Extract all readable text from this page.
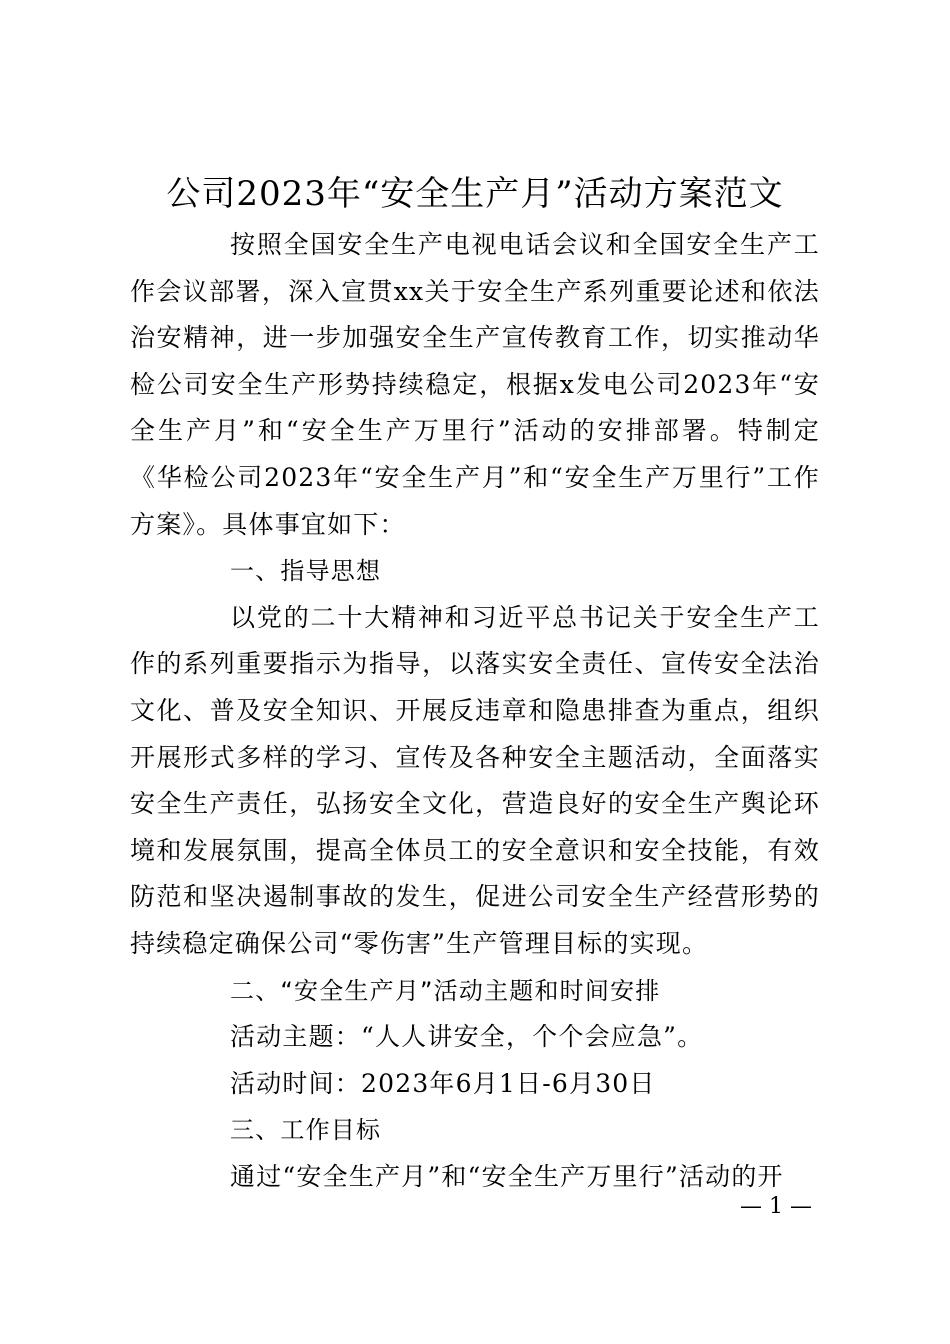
公司2023年“安全生产月”活动方案范文

按照全国安全生产电视电话会议和全国安全生产工作会议部署，深入宣贯xx关于安全生产系列重要论述和依法治安精神，进一步加强安全生产宣传教育工作，切实推动华检公司安全生产形势持续稳定，根据x发电公司2023年“安全生产月”和“安全生产万里行”活动的安排部署。特制定《华检公司2023年“安全生产月”和“安全生产万里行”工作方案》。具体事宜如下：

一、指导思想

以党的二十大精神和习近平总书记关于安全生产工作的系列重要指示为指导，以落实安全责任、宣传安全法治文化、普及安全知识、开展反违章和隐患排查为重点，组织开展形式多样的学习、宣传及各种安全主题活动，全面落实安全生产责任，弘扬安全文化，营造良好的安全生产舆论环境和发展氛围，提高全体员工的安全意识和安全技能，有效防范和坚决遏制事故的发生，促进公司安全生产经营形势的持续稳定确保公司“零伤害”生产管理目标的实现。

二、“安全生产月”活动主题和时间安排

活动主题：“人人讲安全，个个会应急”。

活动时间：2023年6月1日-6月30日

三、工作目标

通过“安全生产月”和“安全生产万里行”活动的开

— 1 —
